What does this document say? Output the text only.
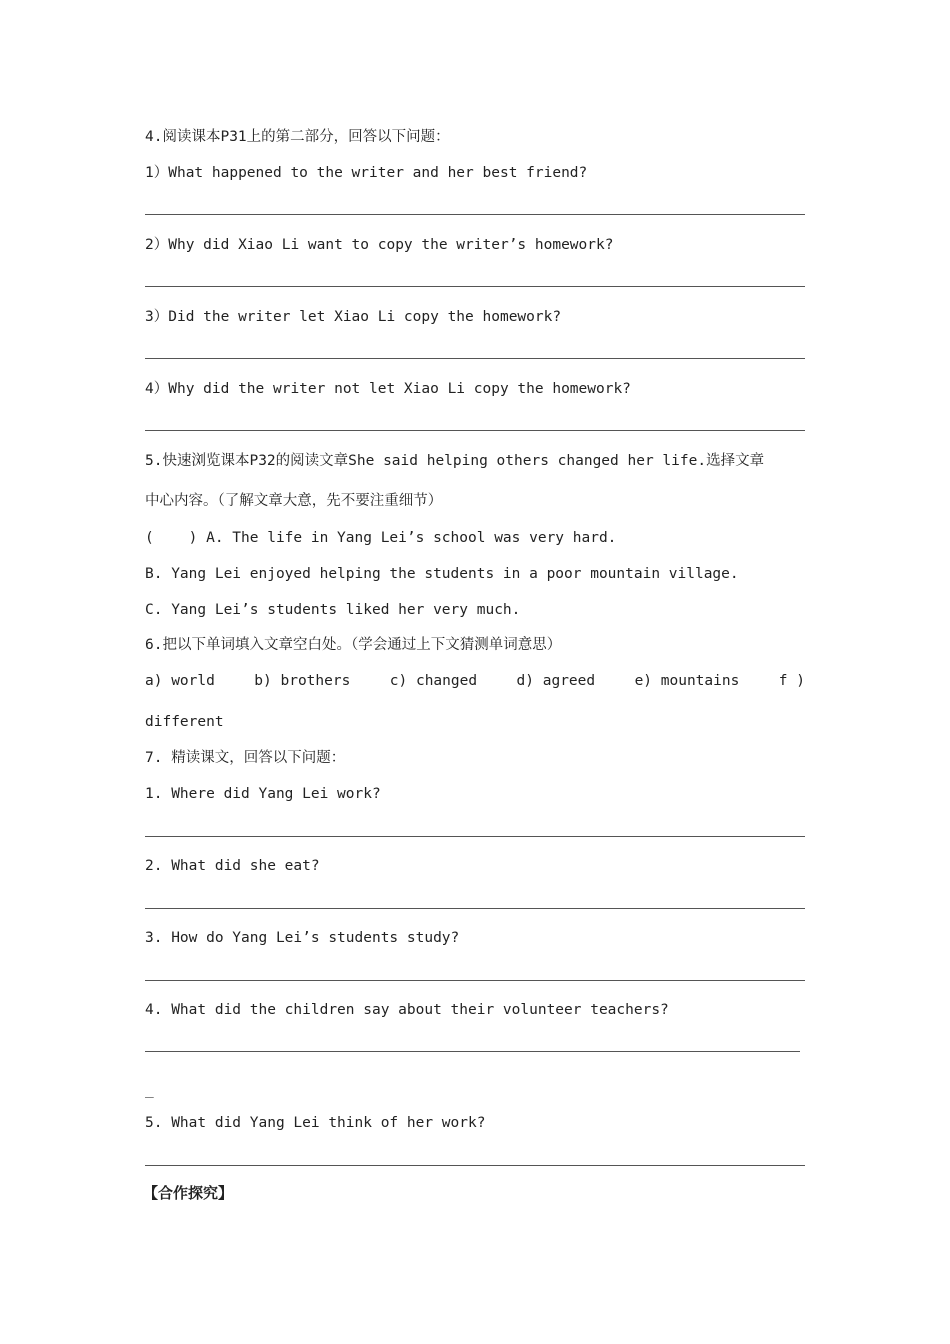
4.阅读课本P31上的第二部分，回答以下问题：
1）What happened to the writer and her best friend?
2）Why did Xiao Li want to copy the writer’s homework?
3）Did the writer let Xiao Li copy the homework?
4）Why did the writer not let Xiao Li copy the homework?
5.快速浏览课本P32的阅读文章She said helping others changed her life.选择文章
中心内容。（了解文章大意，先不要注重细节）
(    ) A. The life in Yang Lei’s school was very hard.
B. Yang Lei enjoyed helping the students in a poor mountain village.
C. Yang Lei’s students liked her very much.
6.把以下单词填入文章空白处。（学会通过上下文猜测单词意思）
a) world	b) brothers	c) changed	d) agreed	e) mountains	f )
different
7. 精读课文，回答以下问题：
1. Where did Yang Lei work?
2. What did she eat?
3. How do Yang Lei’s students study?
4. What did the children say about their volunteer teachers?
_
5. What did Yang Lei think of her work?
【合作探究】
